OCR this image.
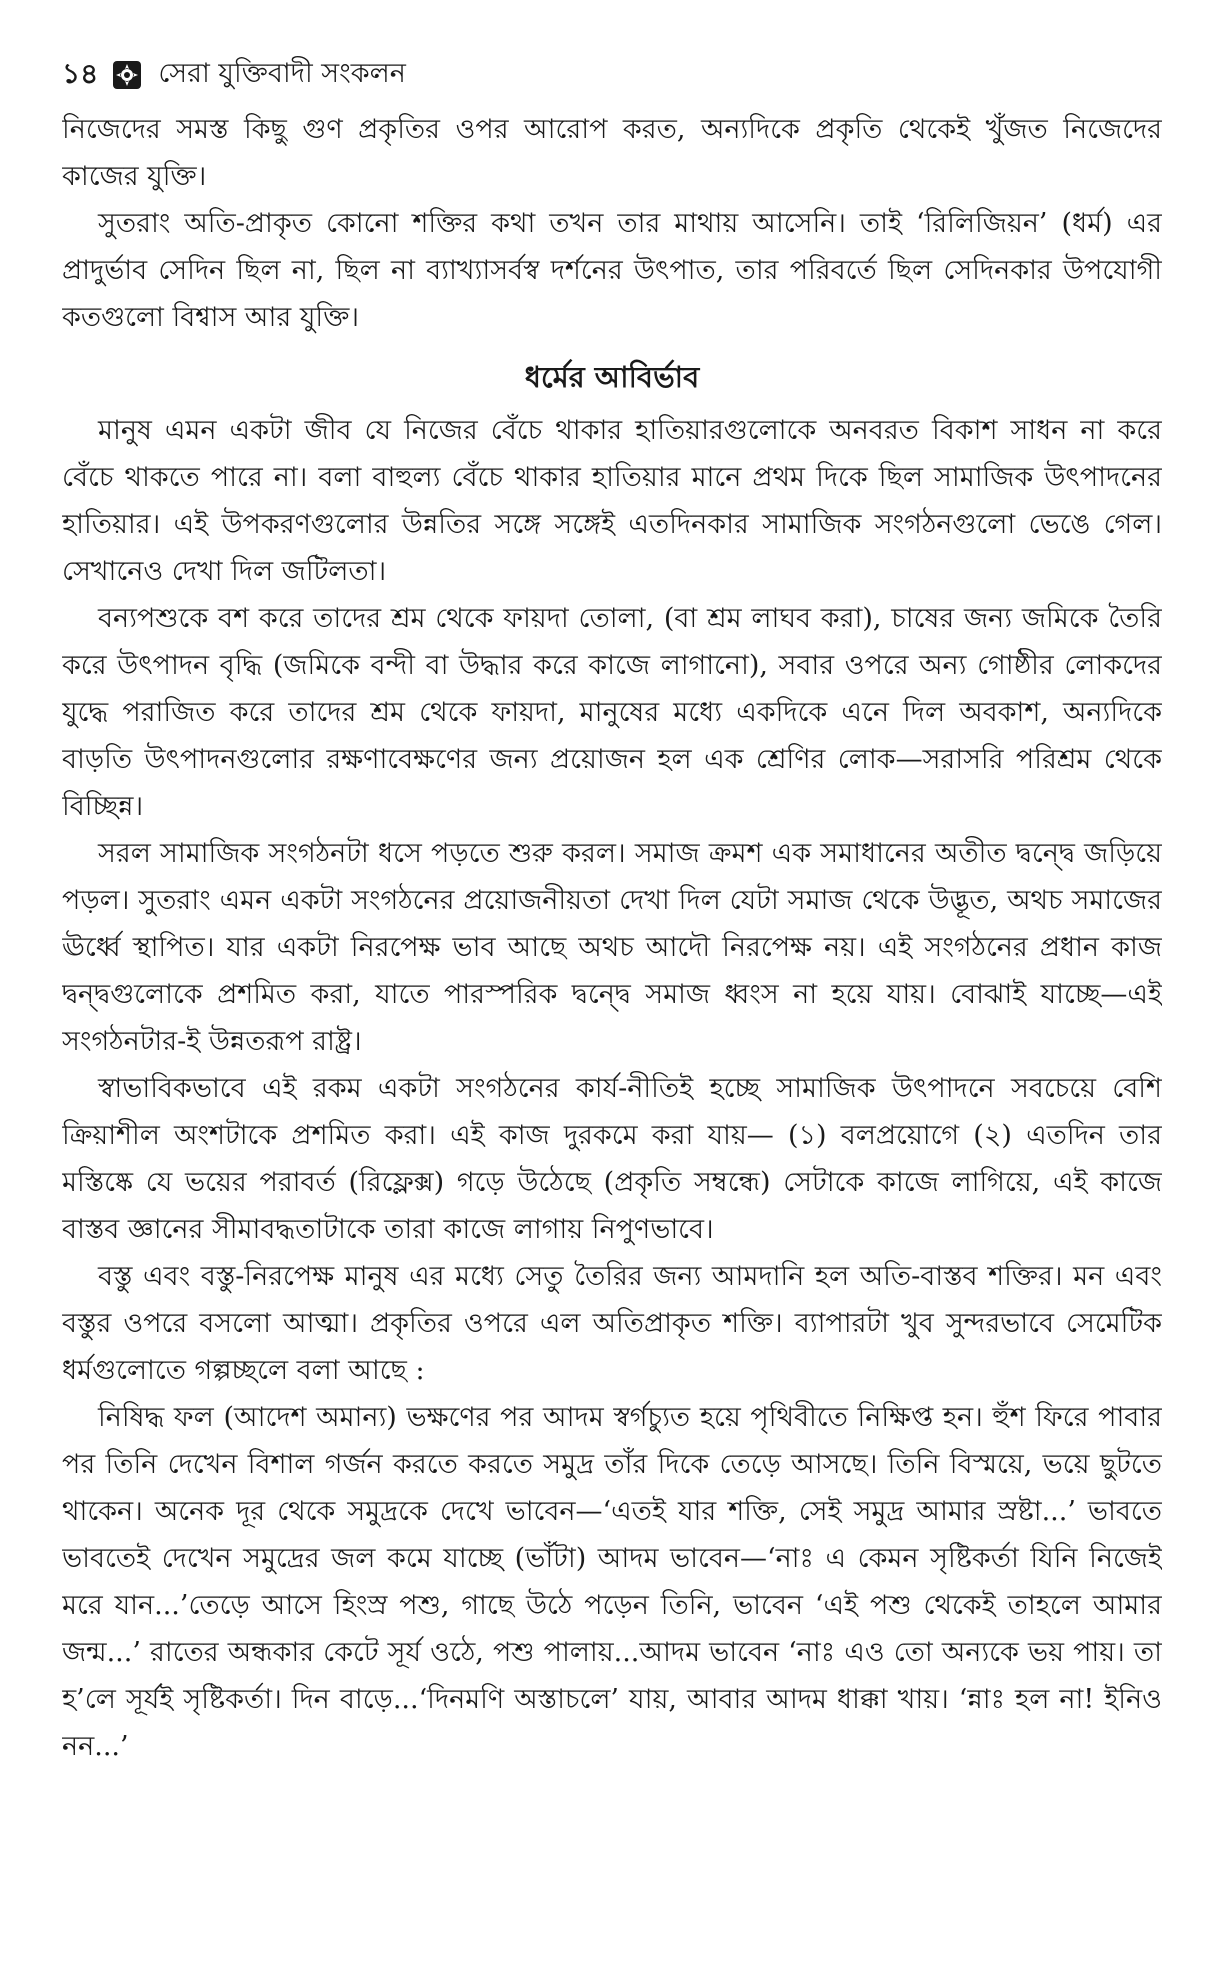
১৪ সেরা যুক্তিবাদী সংকলন

নিজেদের সমস্ত কিছু গুণ প্রকৃতির ওপর আরোপ করত, অন্যদিকে প্রকৃতি থেকেই খুঁজত নিজেদের কাজের যুক্তি।

সুতরাং অতি-প্রাকৃত কোনো শক্তির কথা তখন তার মাথায় আসেনি। তাই ‘রিলিজিয়ন’ (ধর্ম) এর প্রাদুর্ভাব সেদিন ছিল না, ছিল না ব্যাখ্যাসর্বস্ব দর্শনের উৎপাত, তার পরিবর্তে ছিল সেদিনকার উপযোগী কতগুলো বিশ্বাস আর যুক্তি।

ধর্মের আবির্ভাব

মানুষ এমন একটা জীব যে নিজের বেঁচে থাকার হাতিয়ারগুলোকে অনবরত বিকাশ সাধন না করে বেঁচে থাকতে পারে না। বলা বাহুল্য বেঁচে থাকার হাতিয়ার মানে প্রথম দিকে ছিল সামাজিক উৎপাদনের হাতিয়ার। এই উপকরণগুলোর উন্নতির সঙ্গে সঙ্গেই এতদিনকার সামাজিক সংগঠনগুলো ভেঙে গেল। সেখানেও দেখা দিল জটিলতা।

বন্যপশুকে বশ করে তাদের শ্রম থেকে ফায়দা তোলা, (বা শ্রম লাঘব করা), চাষের জন্য জমিকে তৈরি করে উৎপাদন বৃদ্ধি (জমিকে বন্দী বা উদ্ধার করে কাজে লাগানো), সবার ওপরে অন্য গোষ্ঠীর লোকদের যুদ্ধে পরাজিত করে তাদের শ্রম থেকে ফায়দা, মানুষের মধ্যে একদিকে এনে দিল অবকাশ, অন্যদিকে বাড়তি উৎপাদনগুলোর রক্ষণাবেক্ষণের জন্য প্রয়োজন হল এক শ্রেণির লোক—সরাসরি পরিশ্রম থেকে বিচ্ছিন্ন।

সরল সামাজিক সংগঠনটা ধসে পড়তে শুরু করল। সমাজ ক্রমশ এক সমাধানের অতীত দ্বন্দ্বে জড়িয়ে পড়ল। সুতরাং এমন একটা সংগঠনের প্রয়োজনীয়তা দেখা দিল যেটা সমাজ থেকে উদ্ভূত, অথচ সমাজের ঊর্ধ্বে স্থাপিত। যার একটা নিরপেক্ষ ভাব আছে অথচ আদৌ নিরপেক্ষ নয়। এই সংগঠনের প্রধান কাজ দ্বন্দ্বগুলোকে প্রশমিত করা, যাতে পারস্পরিক দ্বন্দ্বে সমাজ ধ্বংস না হয়ে যায়। বোঝাই যাচ্ছে—এই সংগঠনটার-ই উন্নতরূপ রাষ্ট্র।

স্বাভাবিকভাবে এই রকম একটা সংগঠনের কার্য-নীতিই হচ্ছে সামাজিক উৎপাদনে সবচেয়ে বেশি ক্রিয়াশীল অংশটাকে প্রশমিত করা। এই কাজ দুরকমে করা যায়— (১) বলপ্রয়োগে (২) এতদিন তার মস্তিষ্কে যে ভয়ের পরাবর্ত (রিফ্লেক্স) গড়ে উঠেছে (প্রকৃতি সম্বন্ধে) সেটাকে কাজে লাগিয়ে, এই কাজে বাস্তব জ্ঞানের সীমাবদ্ধতাটাকে তারা কাজে লাগায় নিপুণভাবে।

বস্তু এবং বস্তু-নিরপেক্ষ মানুষ এর মধ্যে সেতু তৈরির জন্য আমদানি হল অতি-বাস্তব শক্তির। মন এবং বস্তুর ওপরে বসলো আত্মা। প্রকৃতির ওপরে এল অতিপ্রাকৃত শক্তি। ব্যাপারটা খুব সুন্দরভাবে সেমেটিক ধর্মগুলোতে গল্পচ্ছলে বলা আছে :

নিষিদ্ধ ফল (আদেশ অমান্য) ভক্ষণের পর আদম স্বর্গচ্যুত হয়ে পৃথিবীতে নিক্ষিপ্ত হন। হুঁশ ফিরে পাবার পর তিনি দেখেন বিশাল গর্জন করতে করতে সমুদ্র তাঁর দিকে তেড়ে আসছে। তিনি বিস্ময়ে, ভয়ে ছুটতে থাকেন। অনেক দূর থেকে সমুদ্রকে দেখে ভাবেন—‘এতই যার শক্তি, সেই সমুদ্র আমার স্রষ্টা...’ ভাবতে ভাবতেই দেখেন সমুদ্রের জল কমে যাচ্ছে (ভাঁটা) আদম ভাবেন—‘নাঃ এ কেমন সৃষ্টিকর্তা যিনি নিজেই মরে যান...’তেড়ে আসে হিংস্র পশু, গাছে উঠে পড়েন তিনি, ভাবেন ‘এই পশু থেকেই তাহলে আমার জন্ম...’ রাতের অন্ধকার কেটে সূর্য ওঠে, পশু পালায়...আদম ভাবেন ‘নাঃ এও তো অন্যকে ভয় পায়। তা হ’লে সূর্যই সৃষ্টিকর্তা। দিন বাড়ে...‘দিনমণি অস্তাচলে’ যায়, আবার আদম ধাক্কা খায়। ‘ন্নাঃ হল না! ইনিও নন...’
